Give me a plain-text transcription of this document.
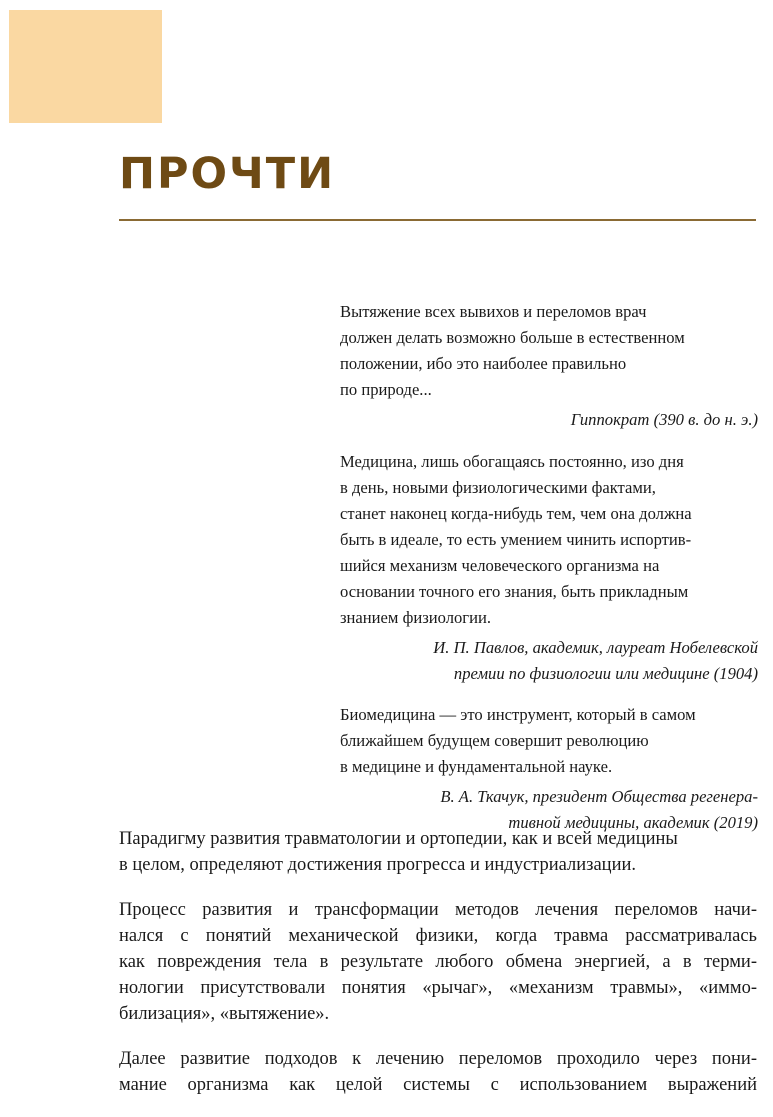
ПРОЧТИ

Вытяжение всех вывихов и переломов врач
должен делать возможно больше в естественном
положении, ибо это наиболее правильно
по природе...

Гиппократ (390 в. до н. э.)

Медицина, лишь обогащаясь постоянно, изо дня
в день, новыми физиологическими фактами,
станет наконец когда-нибудь тем, чем она должна
быть в идеале, то есть умением чинить испортив-
шийся механизм человеческого организма на
основании точного его знания, быть прикладным
знанием физиологии.

И. П. Павлов, академик, лауреат Нобелевской
премии по физиологии или медицине (1904)

Биомедицина — это инструмент, который в самом
ближайшем будущем совершит революцию
в медицине и фундаментальной науке.

В. А. Ткачук, президент Общества регенера-
тивной медицины, академик (2019)

Парадигму развития травматологии и ортопедии, как и всей медицины
в целом, определяют достижения прогресса и индустриализации.

Процесс развития и трансформации методов лечения переломов начи-
нался с понятий механической физики, когда травма рассматривалась
как повреждения тела в результате любого обмена энергией, а в терми-
нологии присутствовали понятия «рычаг», «механизм травмы», «иммо-
билизация», «вытяжение».

Далее развитие подходов к лечению переломов проходило через пони-
мание организма как целой системы с использованием выражений
